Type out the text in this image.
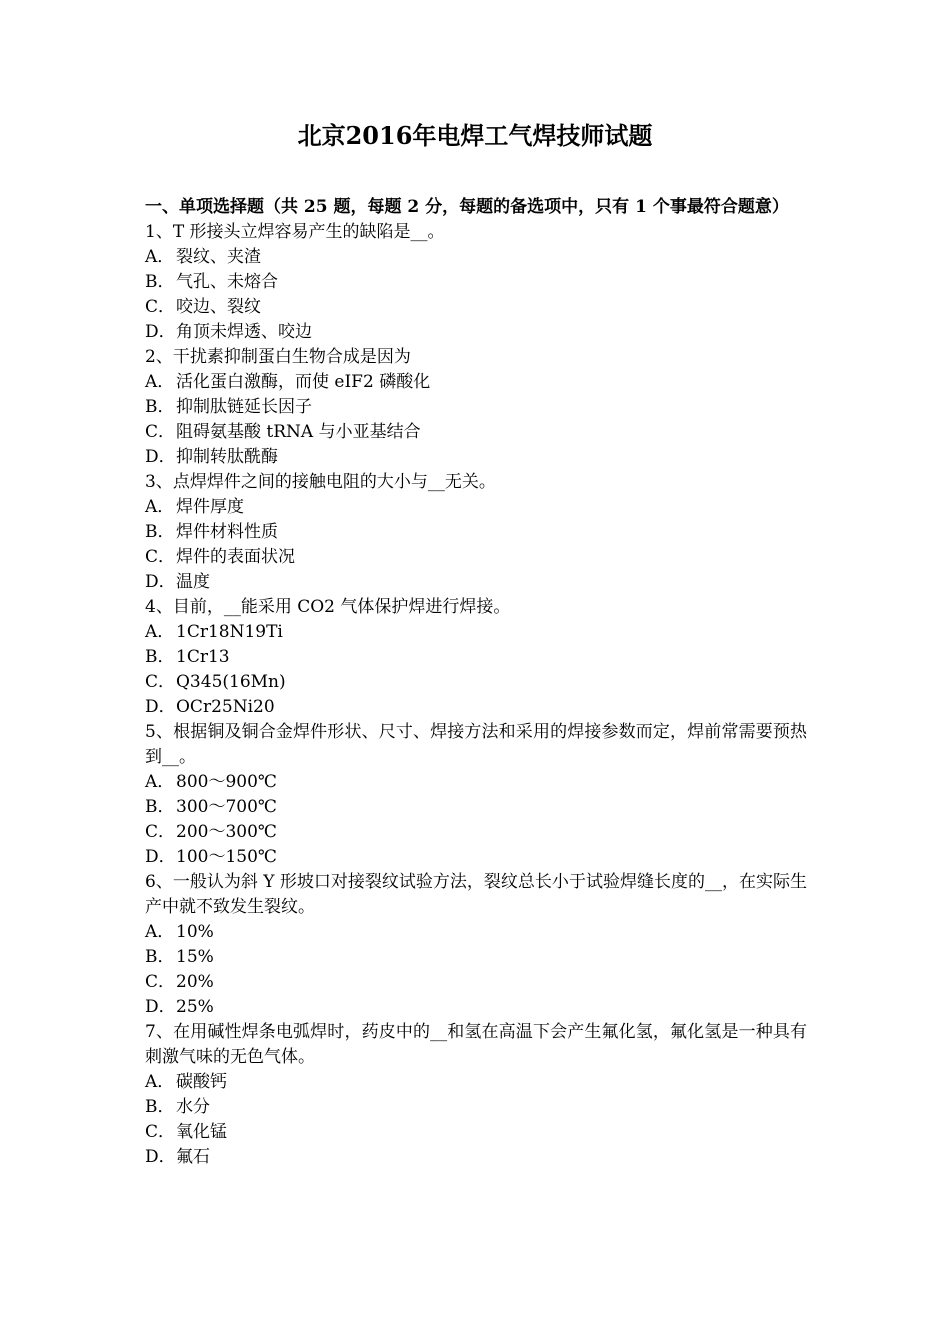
北京2016年电焊工气焊技师试题
一、单项选择题（共 25 题，每题 2 分，每题的备选项中，只有 1 个事最符合题意）
1、T 形接头立焊容易产生的缺陷是__。
A． 裂纹、夹渣
B．气孔、未熔合
C．咬边、裂纹
D．角顶未焊透、咬边
2、干扰素抑制蛋白生物合成是因为
A． 活化蛋白激酶，而使 eIF2 磷酸化
B．抑制肽链延长因子
C．阻碍氨基酸 tRNA 与小亚基结合
D．抑制转肽酰酶
3、点焊焊件之间的接触电阻的大小与__无关。
A． 焊件厚度
B．焊件材料性质
C．焊件的表面状况
D．温度
4、目前，__能采用 CO2 气体保护焊进行焊接。
A． 1Cr18N19Ti
B．1Cr13
C．Q345(16Mn)
D．OCr25Ni20
5、根据铜及铜合金焊件形状、尺寸、焊接方法和采用的焊接参数而定，焊前常需要预热到__。
A． 800～900℃
B．300～700℃
C．200～300℃
D．100～150℃
6、一般认为斜 Y 形坡口对接裂纹试验方法，裂纹总长小于试验焊缝长度的__，在实际生产中就不致发生裂纹。
A． 10%
B．15%
C．20%
D．25%
7、在用碱性焊条电弧焊时，药皮中的__和氢在高温下会产生氟化氢，氟化氢是一种具有刺激气味的无色气体。
A． 碳酸钙
B．水分
C．氧化锰
D．氟石
